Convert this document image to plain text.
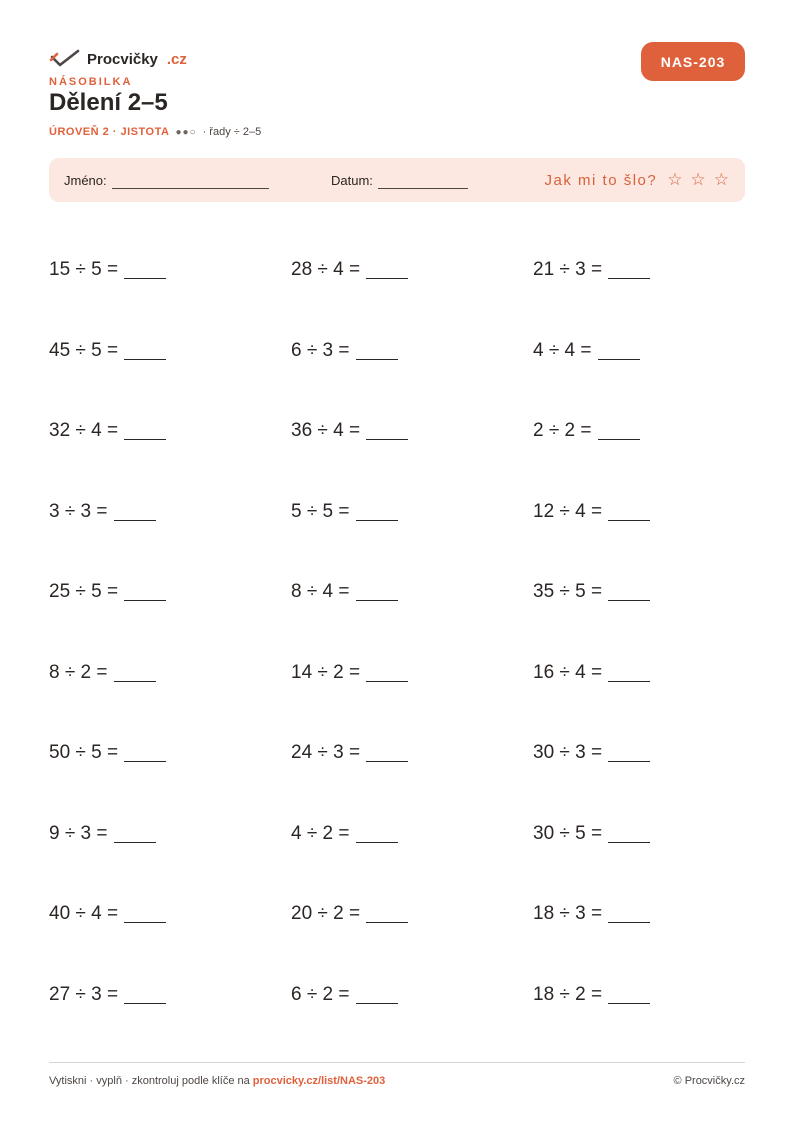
Procvičky .cz
NÁSOBILKA
Dělení 2–5
ÚROVEŇ 2 · JISTOTA ●●○ · řady ÷ 2–5
NAS-203
Jméno:	Datum:	Jak mi to šlo? ☆ ☆ ☆
15 ÷ 5 =	28 ÷ 4 =	21 ÷ 3 =
45 ÷ 5 =	6 ÷ 3 =	4 ÷ 4 =
32 ÷ 4 =	36 ÷ 4 =	2 ÷ 2 =
3 ÷ 3 =	5 ÷ 5 =	12 ÷ 4 =
25 ÷ 5 =	8 ÷ 4 =	35 ÷ 5 =
8 ÷ 2 =	14 ÷ 2 =	16 ÷ 4 =
50 ÷ 5 =	24 ÷ 3 =	30 ÷ 3 =
9 ÷ 3 =	4 ÷ 2 =	30 ÷ 5 =
40 ÷ 4 =	20 ÷ 2 =	18 ÷ 3 =
27 ÷ 3 =	6 ÷ 2 =	18 ÷ 2 =
Vytiskni · vyplň · zkontroluj podle klíče na procvicky.cz/list/NAS-203	© Procvičky.cz
